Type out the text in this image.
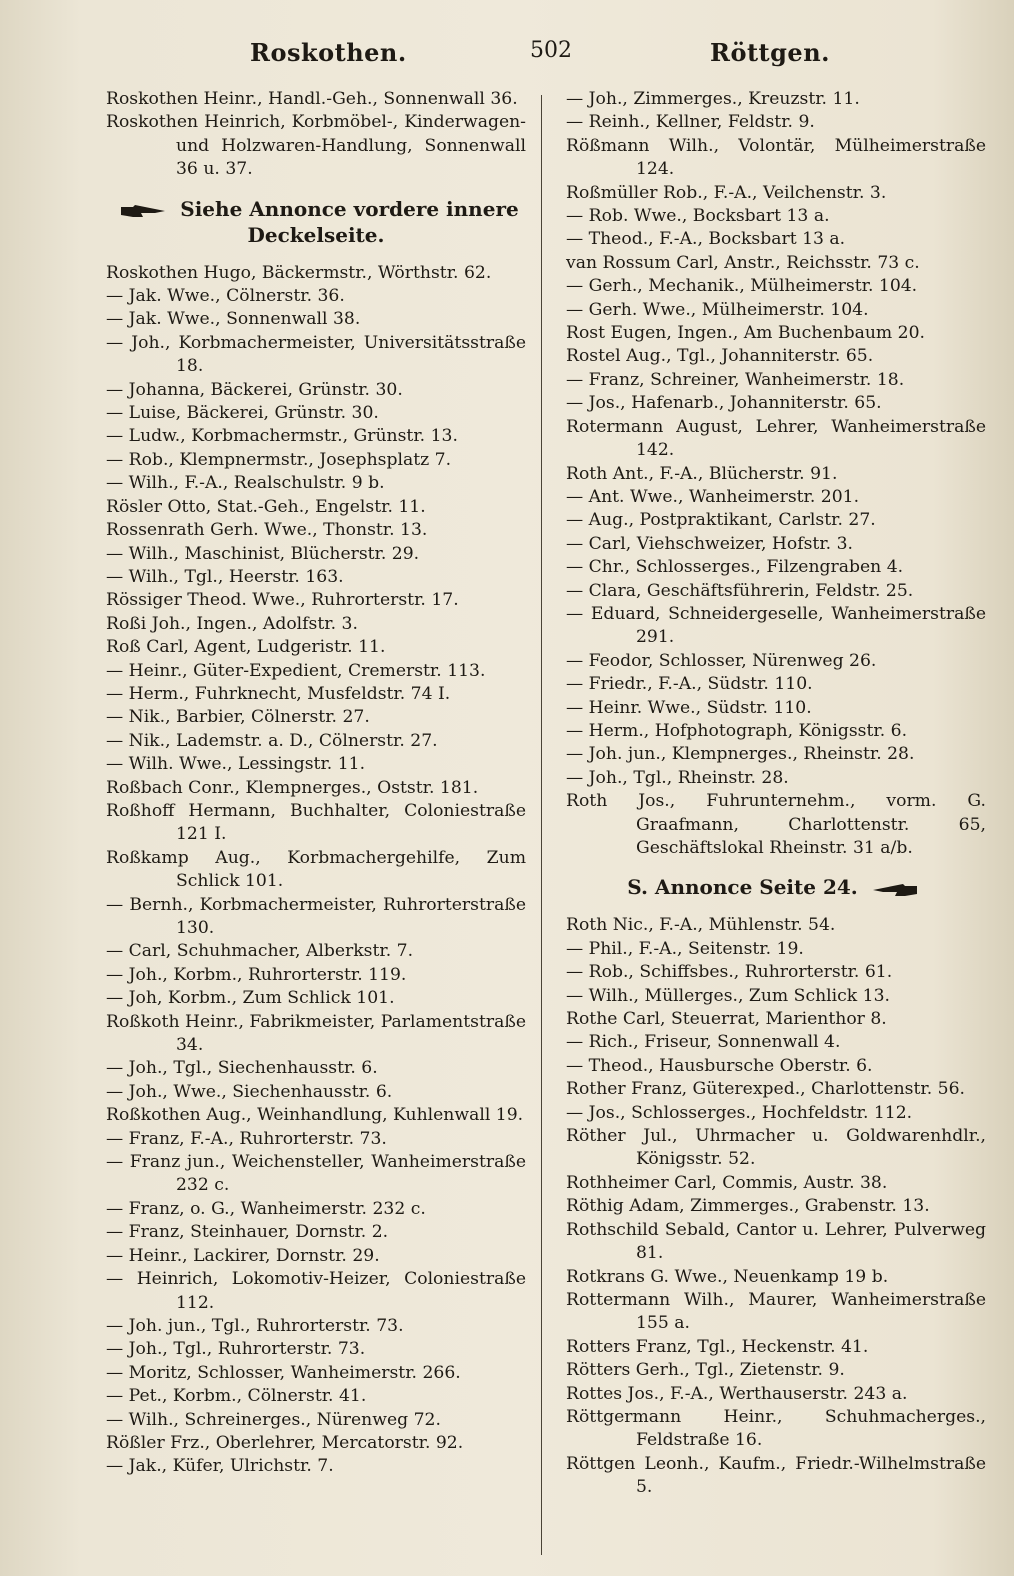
Roskothen.	502	Röttgen.
Roskothen Heinr., Handl.-Geh., Sonnenwall 36.
Roskothen Heinrich, Korbmöbel-, Kinderwagen- und Holzwaren-Handlung, Sonnenwall 36 u. 37.
Siehe Annonce vordere innere Deckelseite.
Roskothen Hugo, Bäckermstr., Wörthstr. 62.
— Jak. Wwe., Cölnerstr. 36.
— Jak. Wwe., Sonnenwall 38.
— Joh., Korbmachermeister, Universitätsstraße 18.
— Johanna, Bäckerei, Grünstr. 30.
— Luise, Bäckerei, Grünstr. 30.
— Ludw., Korbmachermstr., Grünstr. 13.
— Rob., Klempnermstr., Josephsplatz 7.
— Wilh., F.-A., Realschulstr. 9 b.
Rösler Otto, Stat.-Geh., Engelstr. 11.
Rossenrath Gerh. Wwe., Thonstr. 13.
— Wilh., Maschinist, Blücherstr. 29.
— Wilh., Tgl., Heerstr. 163.
Rössiger Theod. Wwe., Ruhrorterstr. 17.
Roßi Joh., Ingen., Adolfstr. 3.
Roß Carl, Agent, Ludgeristr. 11.
— Heinr., Güter-Expedient, Cremerstr. 113.
— Herm., Fuhrknecht, Musfeldstr. 74 I.
— Nik., Barbier, Cölnerstr. 27.
— Nik., Lademstr. a. D., Cölnerstr. 27.
— Wilh. Wwe., Lessingstr. 11.
Roßbach Conr., Klempnerges., Oststr. 181.
Roßhoff Hermann, Buchhalter, Coloniestraße 121 I.
Roßkamp Aug., Korbmachergehilfe, Zum Schlick 101.
— Bernh., Korbmachermeister, Ruhrorterstraße 130.
— Carl, Schuhmacher, Alberkstr. 7.
— Joh., Korbm., Ruhrorterstr. 119.
— Joh, Korbm., Zum Schlick 101.
Roßkoth Heinr., Fabrikmeister, Parlamentstraße 34.
— Joh., Tgl., Siechenhausstr. 6.
— Joh., Wwe., Siechenhausstr. 6.
Roßkothen Aug., Weinhandlung, Kuhlenwall 19.
— Franz, F.-A., Ruhrorterstr. 73.
— Franz jun., Weichensteller, Wanheimerstraße 232 c.
— Franz, o. G., Wanheimerstr. 232 c.
— Franz, Steinhauer, Dornstr. 2.
— Heinr., Lackirer, Dornstr. 29.
— Heinrich, Lokomotiv-Heizer, Coloniestraße 112.
— Joh. jun., Tgl., Ruhrorterstr. 73.
— Joh., Tgl., Ruhrorterstr. 73.
— Moritz, Schlosser, Wanheimerstr. 266.
— Pet., Korbm., Cölnerstr. 41.
— Wilh., Schreinerges., Nürenweg 72.
Rößler Frz., Oberlehrer, Mercatorstr. 92.
— Jak., Küfer, Ulrichstr. 7.
— Joh., Zimmerges., Kreuzstr. 11.
— Reinh., Kellner, Feldstr. 9.
Rößmann Wilh., Volontär, Mülheimerstraße 124.
Roßmüller Rob., F.-A., Veilchenstr. 3.
— Rob. Wwe., Bocksbart 13 a.
— Theod., F.-A., Bocksbart 13 a.
van Rossum Carl, Anstr., Reichsstr. 73 c.
— Gerh., Mechanik., Mülheimerstr. 104.
— Gerh. Wwe., Mülheimerstr. 104.
Rost Eugen, Ingen., Am Buchenbaum 20.
Rostel Aug., Tgl., Johanniterstr. 65.
— Franz, Schreiner, Wanheimerstr. 18.
— Jos., Hafenarb., Johanniterstr. 65.
Rotermann August, Lehrer, Wanheimerstraße 142.
Roth Ant., F.-A., Blücherstr. 91.
— Ant. Wwe., Wanheimerstr. 201.
— Aug., Postpraktikant, Carlstr. 27.
— Carl, Viehschweizer, Hofstr. 3.
— Chr., Schlosserges., Filzengraben 4.
— Clara, Geschäftsführerin, Feldstr. 25.
— Eduard, Schneidergeselle, Wanheimerstraße 291.
— Feodor, Schlosser, Nürenweg 26.
— Friedr., F.-A., Südstr. 110.
— Heinr. Wwe., Südstr. 110.
— Herm., Hofphotograph, Königsstr. 6.
— Joh. jun., Klempnerges., Rheinstr. 28.
— Joh., Tgl., Rheinstr. 28.
Roth Jos., Fuhrunternehm., vorm. G. Graafmann, Charlottenstr. 65, Geschäftslokal Rheinstr. 31 a/b.
S. Annonce Seite 24.
Roth Nic., F.-A., Mühlenstr. 54.
— Phil., F.-A., Seitenstr. 19.
— Rob., Schiffsbes., Ruhrorterstr. 61.
— Wilh., Müllerges., Zum Schlick 13.
Rothe Carl, Steuerrat, Marienthor 8.
— Rich., Friseur, Sonnenwall 4.
— Theod., Hausbursche Oberstr. 6.
Rother Franz, Güterexped., Charlottenstr. 56.
— Jos., Schlosserges., Hochfeldstr. 112.
Röther Jul., Uhrmacher u. Goldwarenhdlr., Königsstr. 52.
Rothheimer Carl, Commis, Austr. 38.
Röthig Adam, Zimmerges., Grabenstr. 13.
Rothschild Sebald, Cantor u. Lehrer, Pulverweg 81.
Rotkrans G. Wwe., Neuenkamp 19 b.
Rottermann Wilh., Maurer, Wanheimerstraße 155 a.
Rotters Franz, Tgl., Heckenstr. 41.
Rötters Gerh., Tgl., Zietenstr. 9.
Rottes Jos., F.-A., Werthauserstr. 243 a.
Röttgermann Heinr., Schuhmacherges., Feldstraße 16.
Röttgen Leonh., Kaufm., Friedr.-Wilhelmstraße 5.
